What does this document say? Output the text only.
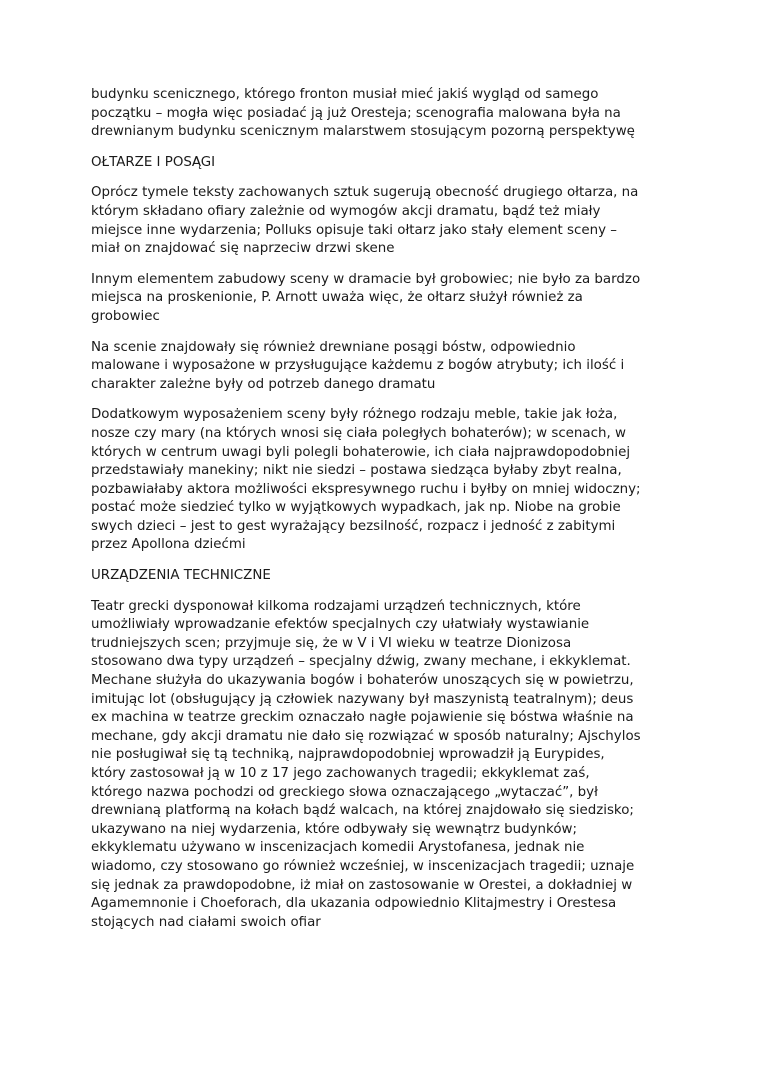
budynku scenicznego, którego fronton musiał mieć jakiś wygląd od samego
początku – mogła więc posiadać ją już Oresteja; scenografia malowana była na
drewnianym budynku scenicznym malarstwem stosującym pozorną perspektywę

OŁTARZE I POSĄGI

Oprócz tymele teksty zachowanych sztuk sugerują obecność drugiego ołtarza, na
którym składano ofiary zależnie od wymogów akcji dramatu, bądź też miały
miejsce inne wydarzenia; Polluks opisuje taki ołtarz jako stały element sceny –
miał on znajdować się naprzeciw drzwi skene

Innym elementem zabudowy sceny w dramacie był grobowiec; nie było za bardzo
miejsca na proskenionie, P. Arnott uważa więc, że ołtarz służył również za
grobowiec

Na scenie znajdowały się również drewniane posągi bóstw, odpowiednio
malowane i wyposażone w przysługujące każdemu z bogów atrybuty; ich ilość i
charakter zależne były od potrzeb danego dramatu

Dodatkowym wyposażeniem sceny były różnego rodzaju meble, takie jak łoża,
nosze czy mary (na których wnosi się ciała poległych bohaterów); w scenach, w
których w centrum uwagi byli polegli bohaterowie, ich ciała najprawdopodobniej
przedstawiały manekiny; nikt nie siedzi – postawa siedząca byłaby zbyt realna,
pozbawiałaby aktora możliwości ekspresywnego ruchu i byłby on mniej widoczny;
postać może siedzieć tylko w wyjątkowych wypadkach, jak np. Niobe na grobie
swych dzieci – jest to gest wyrażający bezsilność, rozpacz i jedność z zabitymi
przez Apollona dziećmi

URZĄDZENIA TECHNICZNE

Teatr grecki dysponował kilkoma rodzajami urządzeń technicznych, które
umożliwiały wprowadzanie efektów specjalnych czy ułatwiały wystawianie
trudniejszych scen; przyjmuje się, że w V i VI wieku w teatrze Dionizosa
stosowano dwa typy urządzeń – specjalny dźwig, zwany mechane, i ekkyklemat.
Mechane służyła do ukazywania bogów i bohaterów unoszących się w powietrzu,
imitując lot (obsługujący ją człowiek nazywany był maszynistą teatralnym); deus
ex machina w teatrze greckim oznaczało nagłe pojawienie się bóstwa właśnie na
mechane, gdy akcji dramatu nie dało się rozwiązać w sposób naturalny; Ajschylos
nie posługiwał się tą techniką, najprawdopodobniej wprowadził ją Eurypides,
który zastosował ją w 10 z 17 jego zachowanych tragedii; ekkyklemat zaś,
którego nazwa pochodzi od greckiego słowa oznaczającego „wytaczać”, był
drewnianą platformą na kołach bądź walcach, na której znajdowało się siedzisko;
ukazywano na niej wydarzenia, które odbywały się wewnątrz budynków;
ekkyklematu używano w inscenizacjach komedii Arystofanesa, jednak nie
wiadomo, czy stosowano go również wcześniej, w inscenizacjach tragedii; uznaje
się jednak za prawdopodobne, iż miał on zastosowanie w Orestei, a dokładniej w
Agamemnonie i Choeforach, dla ukazania odpowiednio Klitajmestry i Orestesa
stojących nad ciałami swoich ofiar
